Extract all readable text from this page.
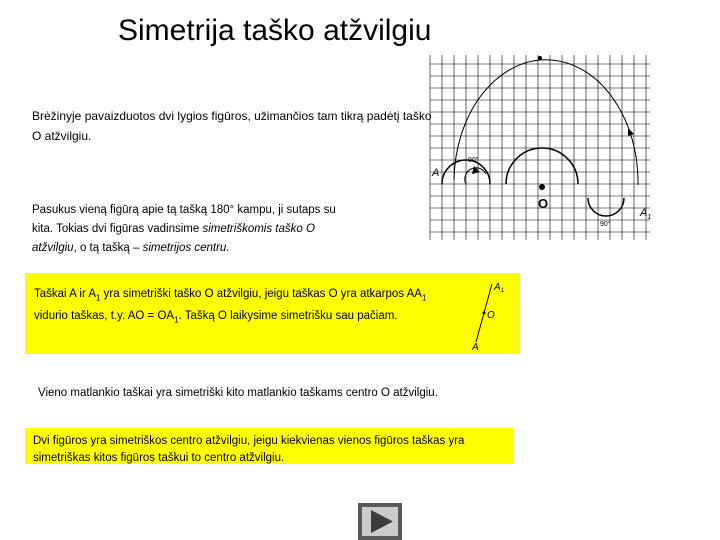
Simetrija taško atžvilgiu
Brėžinyje pavaizduotos dvi lygios figūros, užimančios tam tikrą padėtį taško O atžvilgiu.
A
O
$A_1$
90°
90°
Pasukus vieną figūrą apie tą tašką 180° kampu, ji sutaps su
kita. Tokias dvi figūras vadinsime simetriškomis taško O
atžvilgiu, o tą tašką – simetrijos centru.
Taškai A ir $A_1$ yra simetriški taško O atžvilgiu, jeigu taškas O yra atkarpos $AA_1$
vidurio taškas, t.y. AO = $OA_1$. Tašką O laikysime simetrišku sau pačiam.
$A_1$
O
A
Vieno matlankio taškai yra simetriški kito matlankio taškams centro O atžvilgiu.
Dvi figūros yra simetriškos centro atžvilgiu, jeigu kiekvienas vienos figūros taškas yra simetriškas kitos figūros taškui to centro atžvilgiu.
